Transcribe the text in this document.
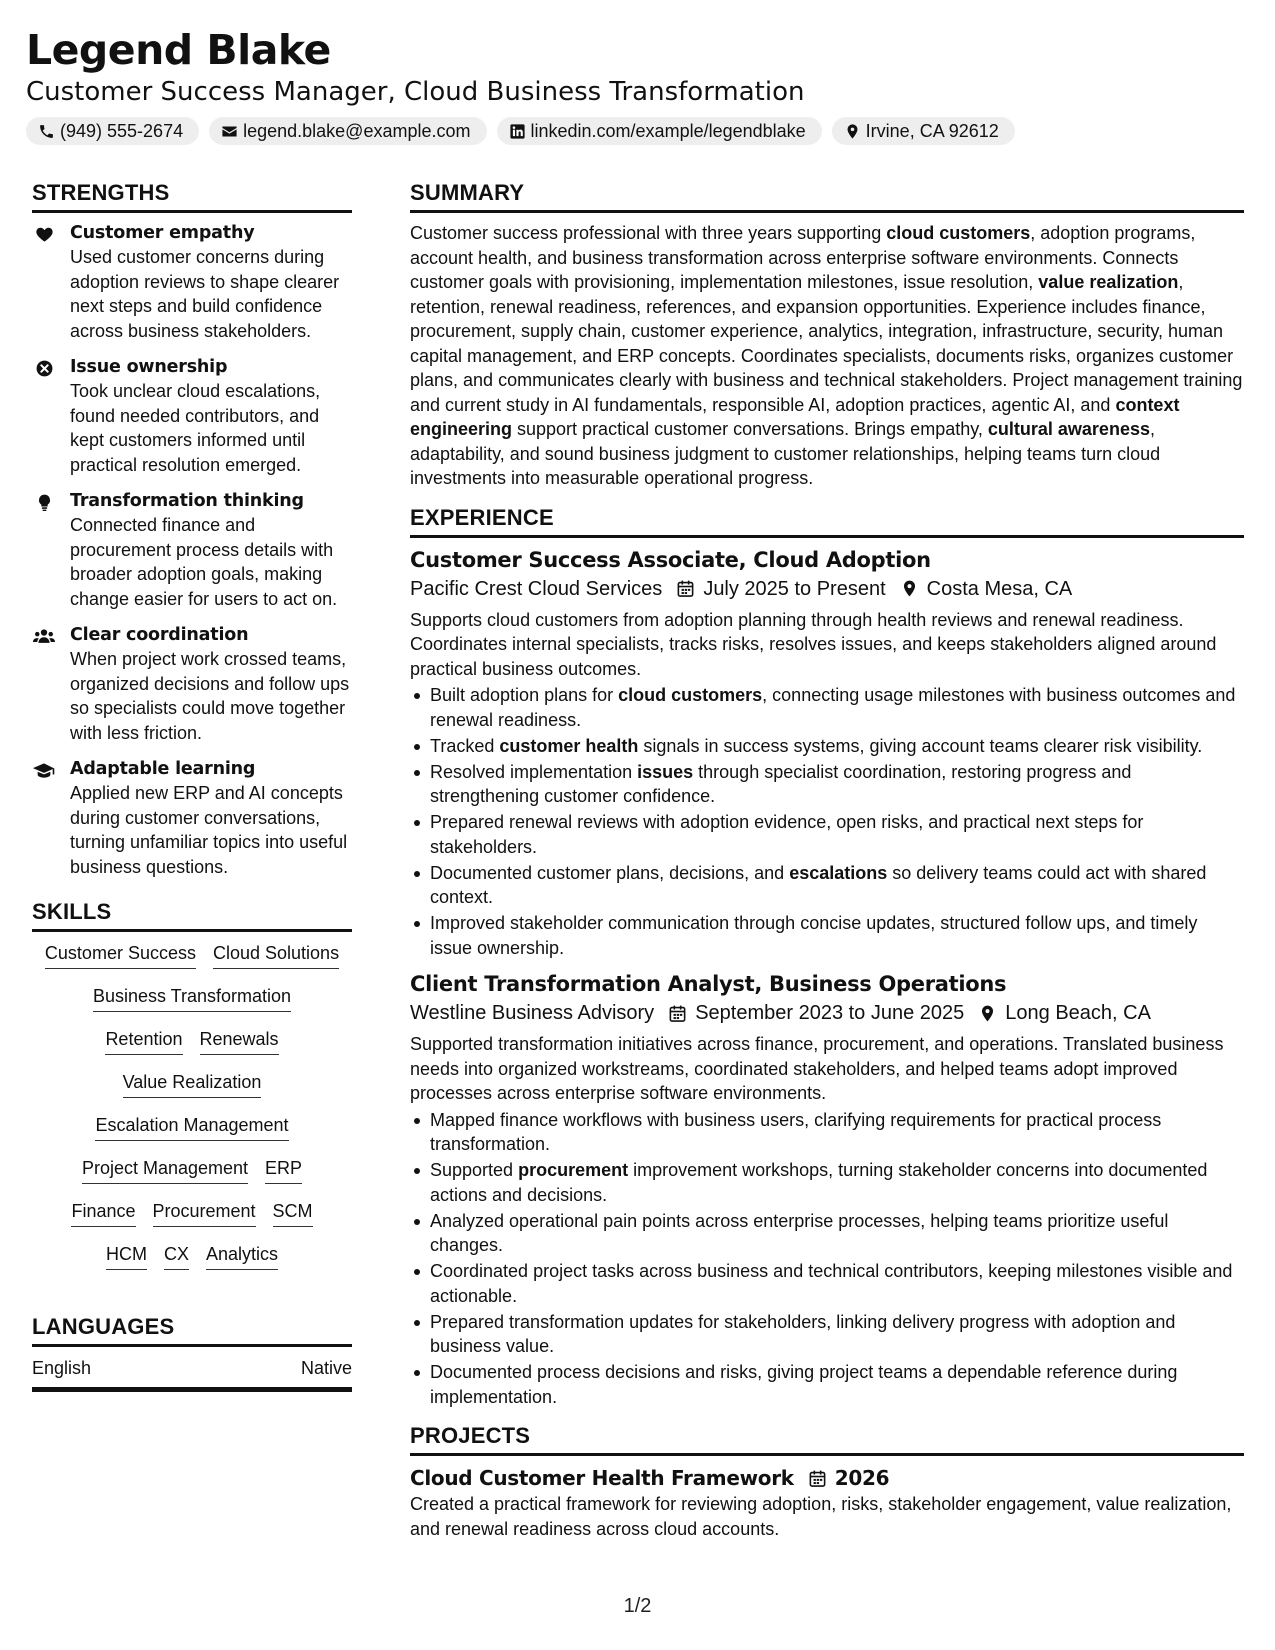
Legend Blake
Customer Success Manager, Cloud Business Transformation
(949) 555-2674	legend.blake@example.com	linkedin.com/example/legendblake	Irvine, CA 92612
STRENGTHS
Customer empathy
Used customer concerns during adoption reviews to shape clearer next steps and build confidence across business stakeholders.
Issue ownership
Took unclear cloud escalations, found needed contributors, and kept customers informed until practical resolution emerged.
Transformation thinking
Connected finance and procurement process details with broader adoption goals, making change easier for users to act on.
Clear coordination
When project work crossed teams, organized decisions and follow ups so specialists could move together with less friction.
Adaptable learning
Applied new ERP and AI concepts during customer conversations, turning unfamiliar topics into useful business questions.
SKILLS
Customer Success Cloud Solutions
Business Transformation
Retention Renewals
Value Realization
Escalation Management
Project Management ERP
Finance Procurement SCM
HCM CX Analytics
LANGUAGES
English	Native
SUMMARY
Customer success professional with three years supporting cloud customers, adoption programs, account health, and business transformation across enterprise software environments. Connects customer goals with provisioning, implementation milestones, issue resolution, value realization, retention, renewal readiness, references, and expansion opportunities. Experience includes finance, procurement, supply chain, customer experience, analytics, integration, infrastructure, security, human capital management, and ERP concepts. Coordinates specialists, documents risks, organizes customer plans, and communicates clearly with business and technical stakeholders. Project management training and current study in AI fundamentals, responsible AI, adoption practices, agentic AI, and context engineering support practical customer conversations. Brings empathy, cultural awareness, adaptability, and sound business judgment to customer relationships, helping teams turn cloud investments into measurable operational progress.
EXPERIENCE
Customer Success Associate, Cloud Adoption
Pacific Crest Cloud Services July 2025 to Present Costa Mesa, CA
Supports cloud customers from adoption planning through health reviews and renewal readiness. Coordinates internal specialists, tracks risks, resolves issues, and keeps stakeholders aligned around practical business outcomes.
Built adoption plans for cloud customers, connecting usage milestones with business outcomes and renewal readiness.
Tracked customer health signals in success systems, giving account teams clearer risk visibility.
Resolved implementation issues through specialist coordination, restoring progress and strengthening customer confidence.
Prepared renewal reviews with adoption evidence, open risks, and practical next steps for stakeholders.
Documented customer plans, decisions, and escalations so delivery teams could act with shared context.
Improved stakeholder communication through concise updates, structured follow ups, and timely issue ownership.
Client Transformation Analyst, Business Operations
Westline Business Advisory September 2023 to June 2025 Long Beach, CA
Supported transformation initiatives across finance, procurement, and operations. Translated business needs into organized workstreams, coordinated stakeholders, and helped teams adopt improved processes across enterprise software environments.
Mapped finance workflows with business users, clarifying requirements for practical process transformation.
Supported procurement improvement workshops, turning stakeholder concerns into documented actions and decisions.
Analyzed operational pain points across enterprise processes, helping teams prioritize useful changes.
Coordinated project tasks across business and technical contributors, keeping milestones visible and actionable.
Prepared transformation updates for stakeholders, linking delivery progress with adoption and business value.
Documented process decisions and risks, giving project teams a dependable reference during implementation.
PROJECTS
Cloud Customer Health Framework 2026
Created a practical framework for reviewing adoption, risks, stakeholder engagement, value realization, and renewal readiness across cloud accounts.
1/2
